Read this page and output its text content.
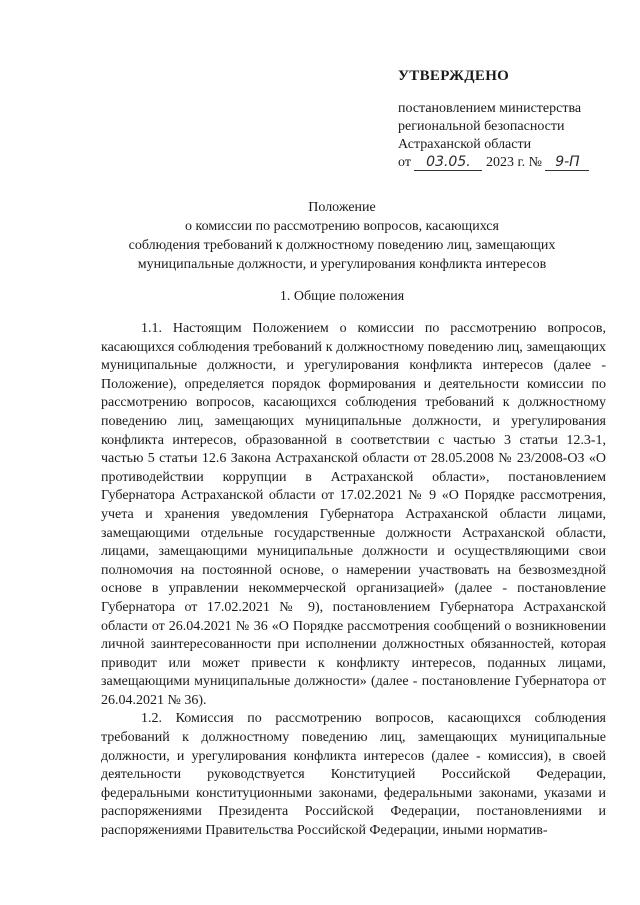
УТВЕРЖДЕНО
постановлением министерства
региональной безопасности
Астраханской области
от 03.05. 2023 г. № 9-П
Положение
о комиссии по рассмотрению вопросов, касающихся
соблюдения требований к должностному поведению лиц, замещающих
муниципальные должности, и урегулирования конфликта интересов
1. Общие положения

1.1. Настоящим Положением о комиссии по рассмотрению вопросов, касающихся соблюдения требований к должностному поведению лиц, замещающих муниципальные должности, и урегулирования конфликта интересов (далее - Положение), определяется порядок формирования и деятельности комиссии по рассмотрению вопросов, касающихся соблюдения требований к должностному поведению лиц, замещающих муниципальные должности, и урегулирования конфликта интересов, образованной в соответствии с частью 3 статьи 12.3-1, частью 5 статьи 12.6 Закона Астраханской области от 28.05.2008 № 23/2008-ОЗ «О противодействии коррупции в Астраханской области», постановлением Губернатора Астраханской области от 17.02.2021 № 9 «О Порядке рассмотрения, учета и хранения уведомления Губернатора Астраханской области лицами, замещающими отдельные государственные должности Астраханской области, лицами, замещающими муниципальные должности и осуществляющими свои полномочия на постоянной основе, о намерении участвовать на безвозмездной основе в управлении некоммерческой организацией» (далее - постановление Губернатора от 17.02.2021 № 9), постановлением Губернатора Астраханской области от 26.04.2021 № 36 «О Порядке рассмотрения сообщений о возникновении личной заинтересованности при исполнении должностных обязанностей, которая приводит или может привести к конфликту интересов, поданных лицами, замещающими муниципальные должности» (далее - постановление Губернатора от 26.04.2021 № 36).

1.2. Комиссия по рассмотрению вопросов, касающихся соблюдения требований к должностному поведению лиц, замещающих муниципальные должности, и урегулирования конфликта интересов (далее - комиссия), в своей деятельности руководствуется Конституцией Российской Федерации, федеральными конституционными законами, федеральными законами, указами и распоряжениями Президента Российской Федерации, постановлениями и распоряжениями Правительства Российской Федерации, иными норматив-
